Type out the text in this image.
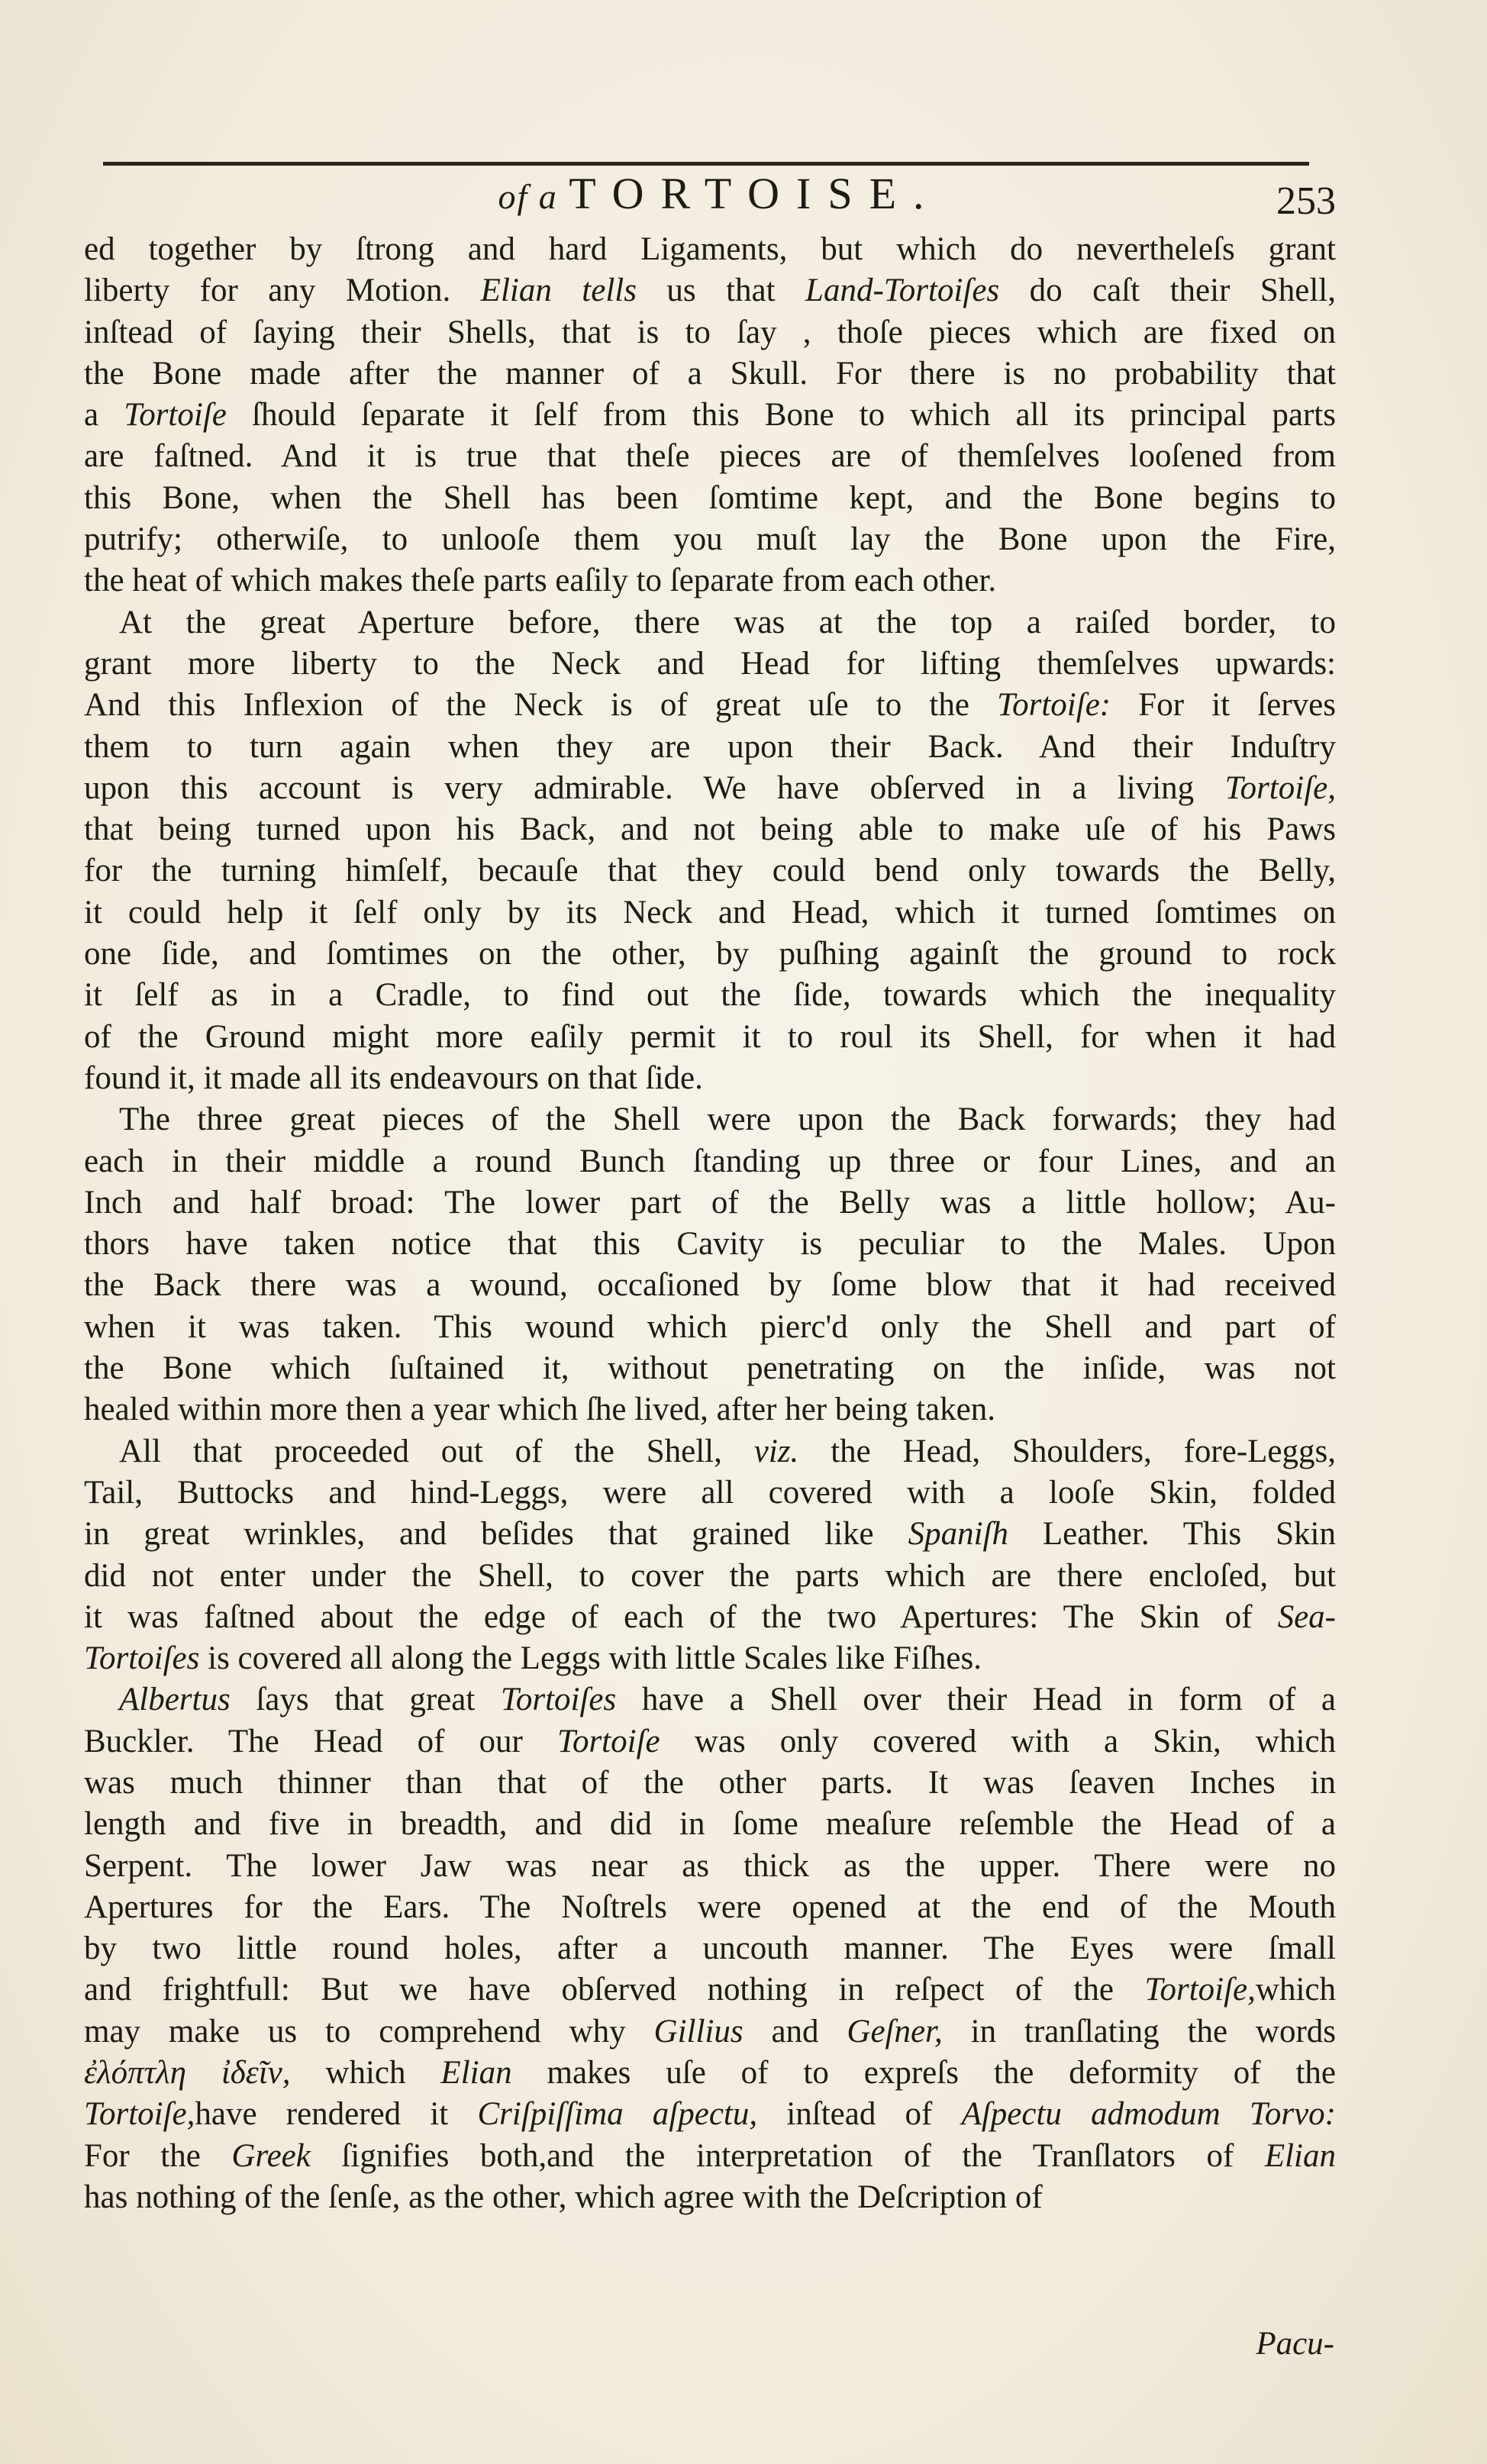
of a TORTOISE.	253
ed together by ſtrong and hard Ligaments, but which do nevertheleſs grant
liberty for any Motion. Elian tells us that Land-Tortoiſes do caſt their Shell,
inſtead of ſaying their Shells, that is to ſay , thoſe pieces which are fixed on
the Bone made after the manner of a Skull. For there is no probability that
a Tortoiſe ſhould ſeparate it ſelf from this Bone to which all its principal parts
are faſtned. And it is true that theſe pieces are of themſelves looſened from
this Bone, when the Shell has been ſomtime kept, and the Bone begins to
putrify; otherwiſe, to unlooſe them you muſt lay the Bone upon the Fire,
the heat of which makes theſe parts eaſily to ſeparate from each other.
At the great Aperture before, there was at the top a raiſed border, to
grant more liberty to the Neck and Head for lifting themſelves upwards:
And this Inflexion of the Neck is of great uſe to the Tortoiſe: For it ſerves
them to turn again when they are upon their Back. And their Induſtry
upon this account is very admirable. We have obſerved in a living Tortoiſe,
that being turned upon his Back, and not being able to make uſe of his Paws
for the turning himſelf, becauſe that they could bend only towards the Belly,
it could help it ſelf only by its Neck and Head, which it turned ſomtimes on
one ſide, and ſomtimes on the other, by puſhing againſt the ground to rock
it ſelf as in a Cradle, to find out the ſide, towards which the inequality
of the Ground might more eaſily permit it to roul its Shell, for when it had
found it, it made all its endeavours on that ſide.
The three great pieces of the Shell were upon the Back forwards; they had
each in their middle a round Bunch ſtanding up three or four Lines, and an
Inch and half broad: The lower part of the Belly was a little hollow; Au-
thors have taken notice that this Cavity is peculiar to the Males. Upon
the Back there was a wound, occaſioned by ſome blow that it had received
when it was taken. This wound which pierc'd only the Shell and part of
the Bone which ſuſtained it, without penetrating on the inſide, was not
healed within more then a year which ſhe lived, after her being taken.
All that proceeded out of the Shell, viz. the Head, Shoulders, fore-Leggs,
Tail, Buttocks and hind-Leggs, were all covered with a looſe Skin, folded
in great wrinkles, and beſides that grained like Spaniſh Leather. This Skin
did not enter under the Shell, to cover the parts which are there encloſed, but
it was faſtned about the edge of each of the two Apertures: The Skin of Sea-
Tortoiſes is covered all along the Leggs with little Scales like Fiſhes.
Albertus ſays that great Tortoiſes have a Shell over their Head in form of a
Buckler. The Head of our Tortoiſe was only covered with a Skin, which
was much thinner than that of the other parts. It was ſeaven Inches in
length and five in breadth, and did in ſome meaſure reſemble the Head of a
Serpent. The lower Jaw was near as thick as the upper. There were no
Apertures for the Ears. The Noſtrels were opened at the end of the Mouth
by two little round holes, after a uncouth manner. The Eyes were ſmall
and frightfull: But we have obſerved nothing in reſpect of the Tortoiſe,which
may make us to comprehend why Gillius and Geſner, in tranſlating the words
ἐλόπτλη ἰδεῖν, which Elian makes uſe of to expreſs the deformity of the
Tortoiſe,have rendered it Criſpiſſima aſpectu, inſtead of Aſpectu admodum Torvo:
For the Greek ſignifies both,and the interpretation of the Tranſlators of Elian
has nothing of the ſenſe, as the other, which agree with the Deſcription of
Pacu-
